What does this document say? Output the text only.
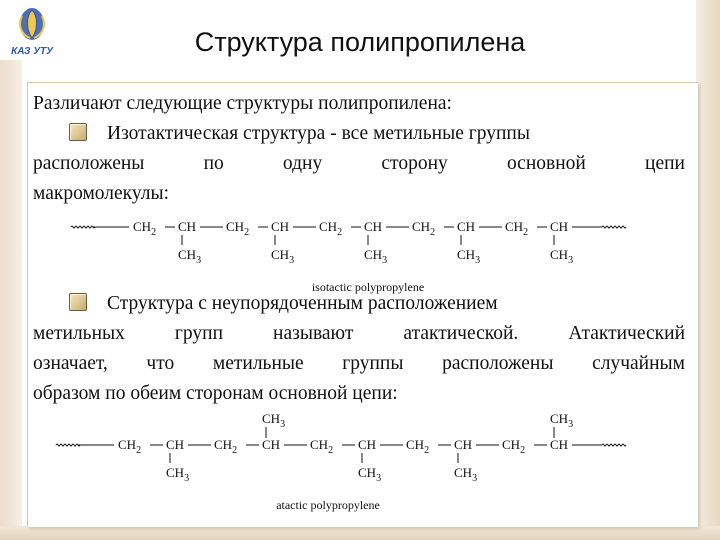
КАЗ УТУ	Структура полипропилена
Различают следующие структуры полипропилена:
Изотактическая структура - все метильные группы
расположены по одну сторону основной цепи
макромолекулы:
$CH_2$ CH $CH_2$ CH $CH_2$ CH $CH_2$ CH $CH_2$ CH
$CH_3$	$CH_3$	$CH_3$	$CH_3$	$CH_3$
isotactic polypropylene
Структура с неупорядоченным расположением
метильных групп называют атактической. Атактический
означает, что метильные группы расположены случайным
образом по обеим сторонам основной цепи:
$CH_2$ CH $CH_2$ CH $CH_2$ CH $CH_2$ CH $CH_2$ CH
$CH_3$	$CH_3$
$CH_3$	$CH_3$	$CH_3$
atactic polypropylene
